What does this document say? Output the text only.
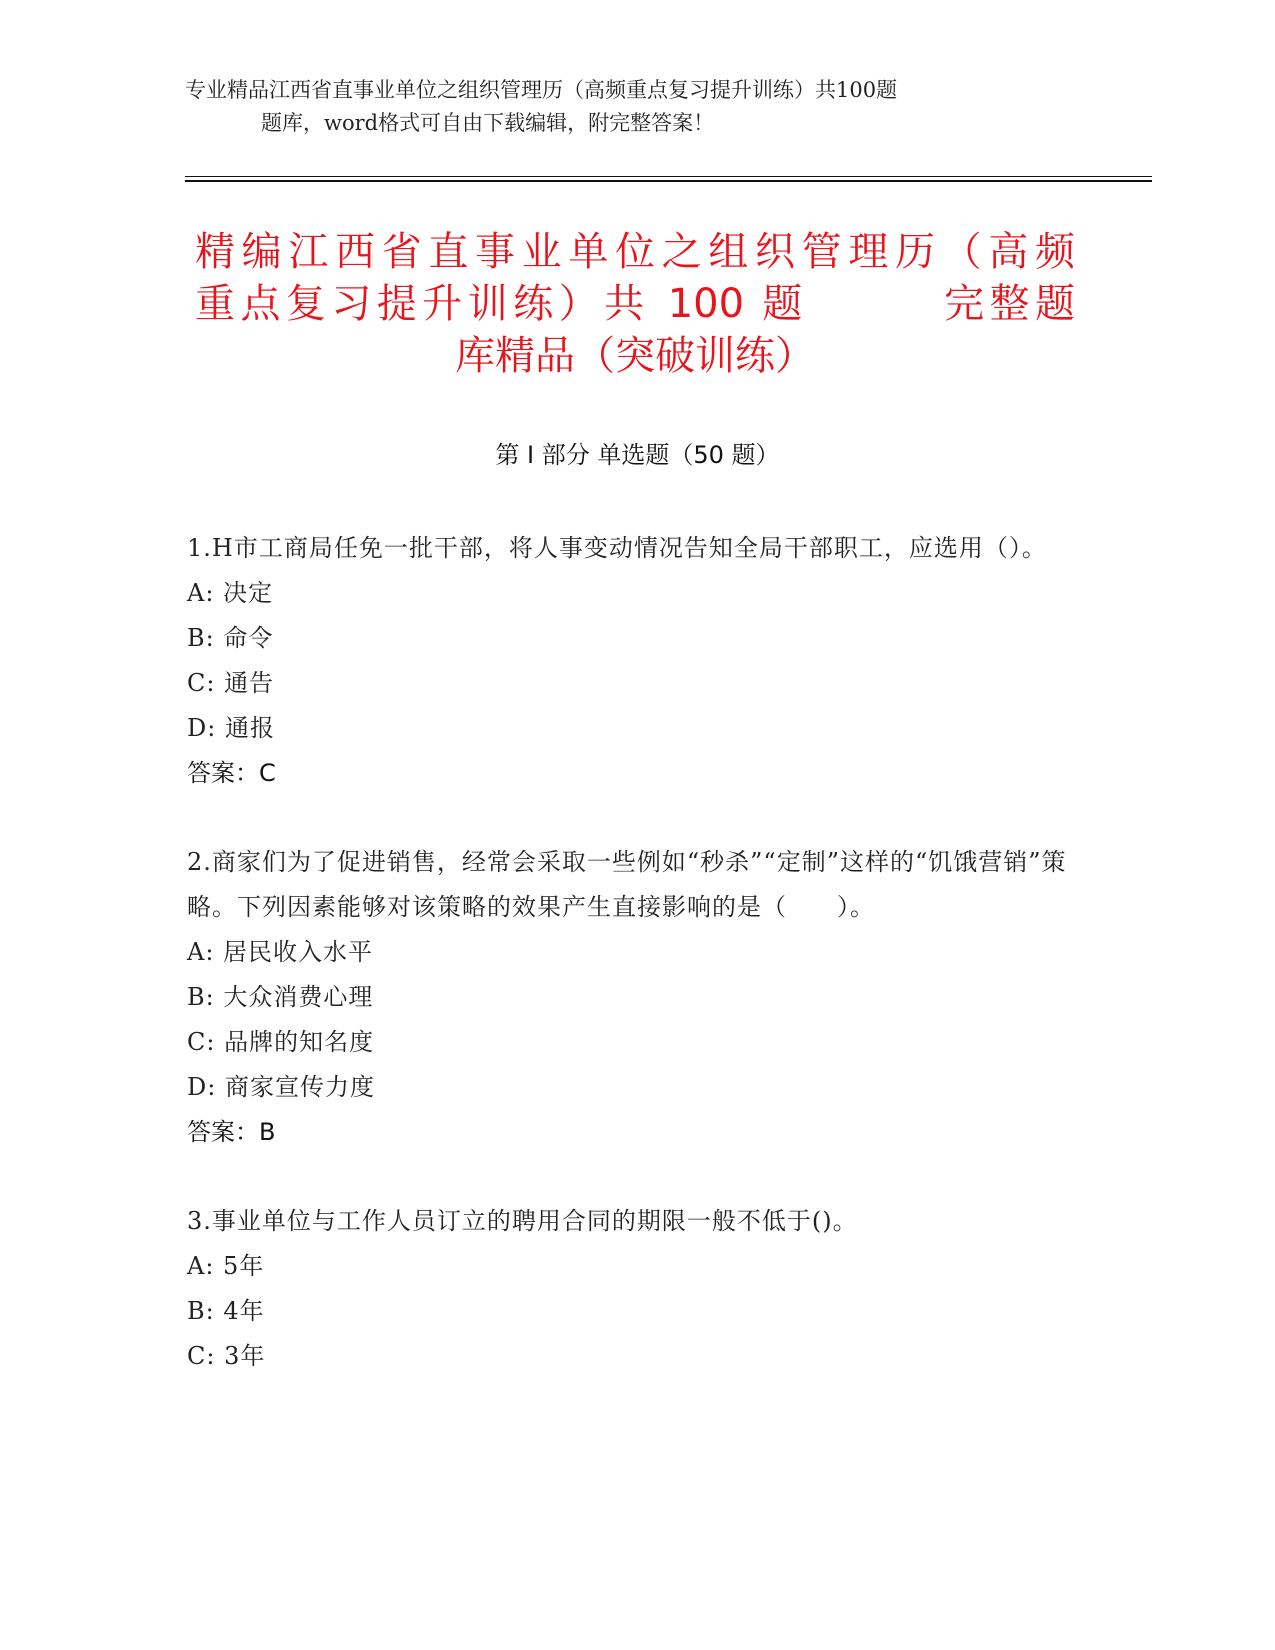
专业精品江西省直事业单位之组织管理历（高频重点复习提升训练）共100题
题库，word格式可自由下载编辑，附完整答案！
精编江西省直事业单位之组织管理历（高频
重点复习提升训练）共 100 题　　　完整题
库精品（突破训练）
第 I 部分 单选题（50 题）
1.H市工商局任免一批干部，将人事变动情况告知全局干部职工，应选用（）。
A: 决定
B: 命令
C: 通告
D: 通报
答案：C
2.商家们为了促进销售，经常会采取一些例如“秒杀”“定制”这样的“饥饿营销”策略。下列因素能够对该策略的效果产生直接影响的是（　　）。
A: 居民收入水平
B: 大众消费心理
C: 品牌的知名度
D: 商家宣传力度
答案：B
3.事业单位与工作人员订立的聘用合同的期限一般不低于()。
A: 5年
B: 4年
C: 3年
